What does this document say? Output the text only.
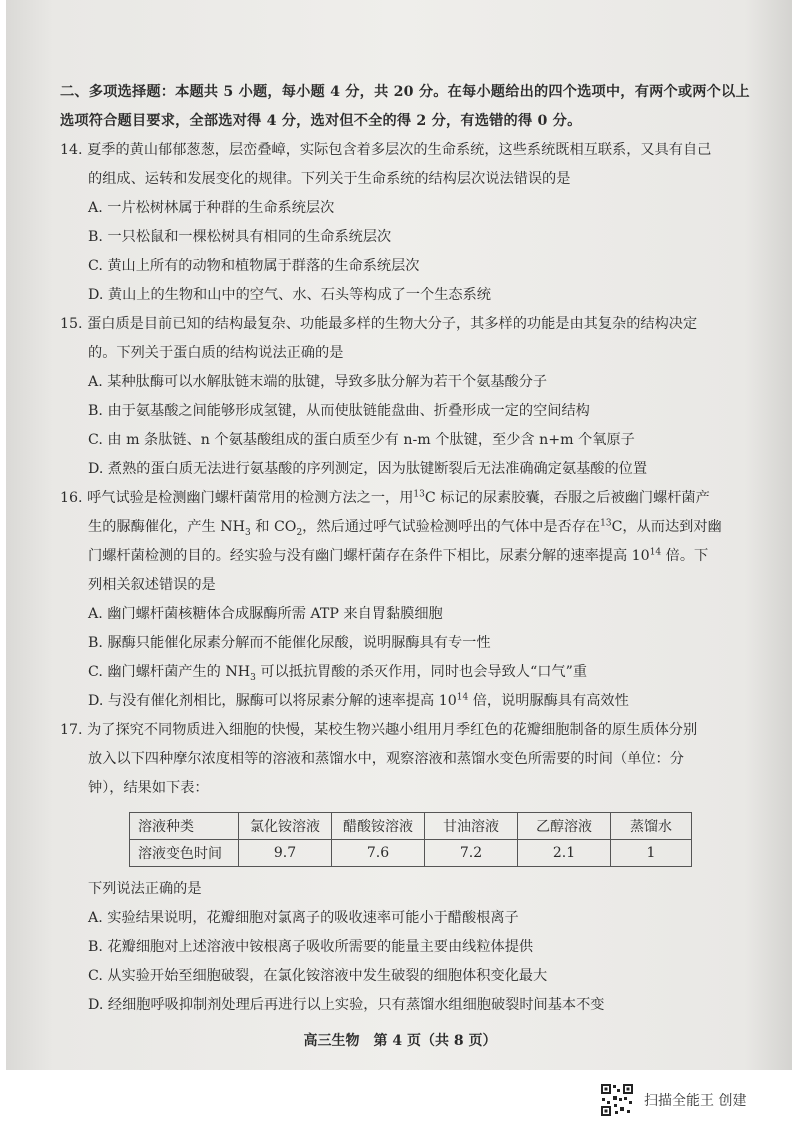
二、多项选择题：本题共 5 小题，每小题 4 分，共 20 分。在每小题给出的四个选项中，有两个或两个以上
选项符合题目要求，全部选对得 4 分，选对但不全的得 2 分，有选错的得 0 分。
14. 夏季的黄山郁郁葱葱，层峦叠嶂，实际包含着多层次的生命系统，这些系统既相互联系，又具有自己
的组成、运转和发展变化的规律。下列关于生命系统的结构层次说法错误的是
A. 一片松树林属于种群的生命系统层次
B. 一只松鼠和一棵松树具有相同的生命系统层次
C. 黄山上所有的动物和植物属于群落的生命系统层次
D. 黄山上的生物和山中的空气、水、石头等构成了一个生态系统
15. 蛋白质是目前已知的结构最复杂、功能最多样的生物大分子，其多样的功能是由其复杂的结构决定
的。下列关于蛋白质的结构说法正确的是
A. 某种肽酶可以水解肽链末端的肽键，导致多肽分解为若干个氨基酸分子
B. 由于氨基酸之间能够形成氢键，从而使肽链能盘曲、折叠形成一定的空间结构
C. 由 m 条肽链、n 个氨基酸组成的蛋白质至少有 n-m 个肽键，至少含 n+m 个氧原子
D. 煮熟的蛋白质无法进行氨基酸的序列测定，因为肽键断裂后无法准确确定氨基酸的位置
16. 呼气试验是检测幽门螺杆菌常用的检测方法之一，用$^{13}$C 标记的尿素胶囊，吞服之后被幽门螺杆菌产
生的脲酶催化，产生 $NH_3$ 和 $CO_2$，然后通过呼气试验检测呼出的气体中是否存在$^{13}$C，从而达到对幽
门螺杆菌检测的目的。经实验与没有幽门螺杆菌存在条件下相比，尿素分解的速率提高 $10^{14}$ 倍。下
列相关叙述错误的是
A. 幽门螺杆菌核糖体合成脲酶所需 ATP 来自胃黏膜细胞
B. 脲酶只能催化尿素分解而不能催化尿酸，说明脲酶具有专一性
C. 幽门螺杆菌产生的 $NH_3$ 可以抵抗胃酸的杀灭作用，同时也会导致人“口气”重
D. 与没有催化剂相比，脲酶可以将尿素分解的速率提高 $10^{14}$ 倍，说明脲酶具有高效性
17. 为了探究不同物质进入细胞的快慢，某校生物兴趣小组用月季红色的花瓣细胞制备的原生质体分别
放入以下四种摩尔浓度相等的溶液和蒸馏水中，观察溶液和蒸馏水变色所需要的时间（单位：分
钟），结果如下表：
溶液种类	氯化铵溶液	醋酸铵溶液	甘油溶液	乙醇溶液	蒸馏水
溶液变色时间	9.7	7.6	7.2	2.1	1
下列说法正确的是
A. 实验结果说明，花瓣细胞对氯离子的吸收速率可能小于醋酸根离子
B. 花瓣细胞对上述溶液中铵根离子吸收所需要的能量主要由线粒体提供
C. 从实验开始至细胞破裂，在氯化铵溶液中发生破裂的细胞体积变化最大
D. 经细胞呼吸抑制剂处理后再进行以上实验，只有蒸馏水组细胞破裂时间基本不变
高三生物　第 4 页（共 8 页）
扫描全能王 创建
